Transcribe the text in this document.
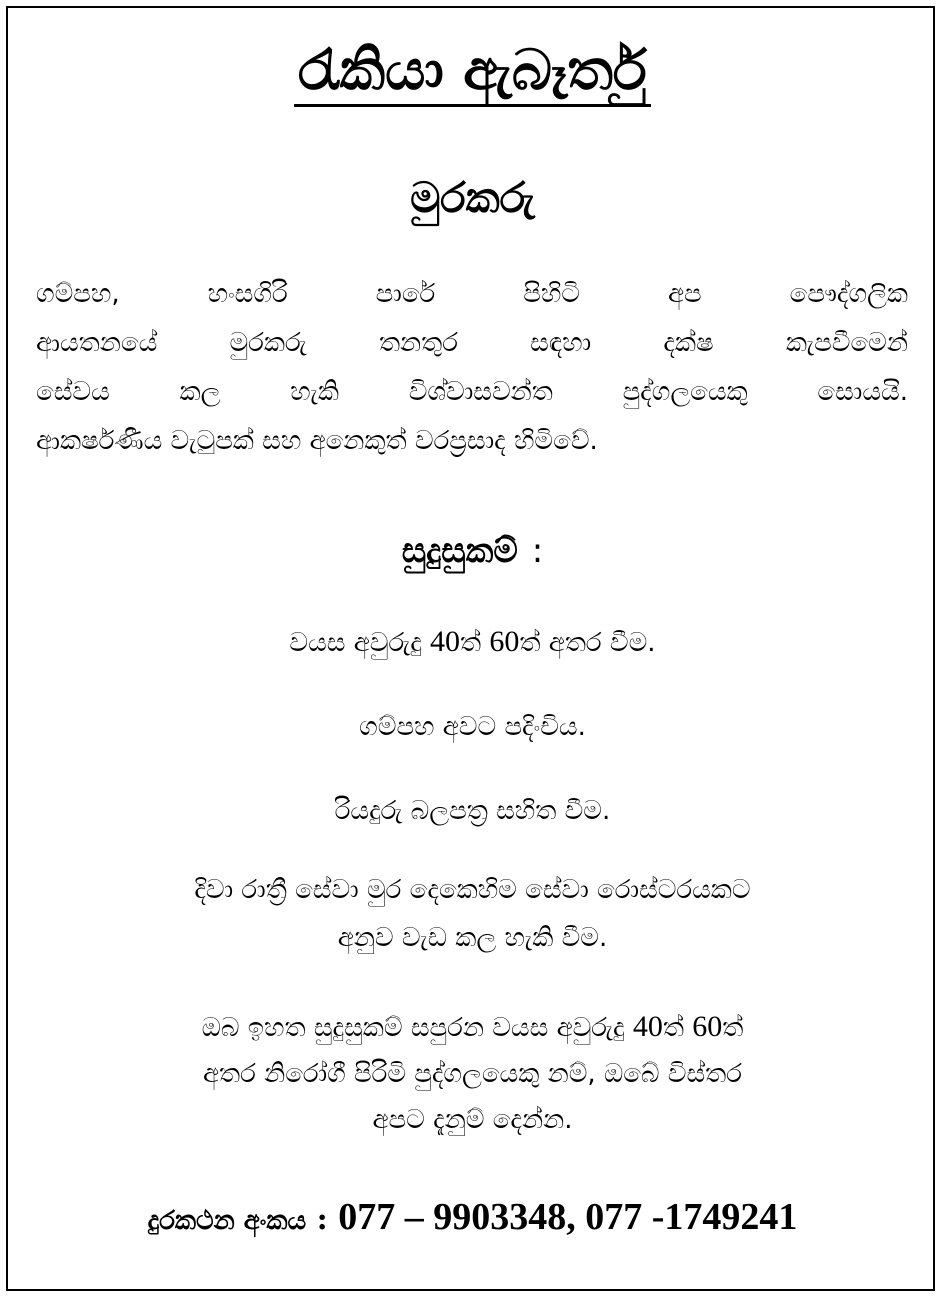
රැකියා ඇබෑර්තු
මුරකරු
ගම්පහ, හංසගිරි පාරේ පිහිටි අප පෞද්ගලික
ආයතනයේ මුරකරු තනතුර සඳහා දක්ෂ කැපවීමෙන්
සේවය කල හැකි විශ්වාසවන්ත පුද්ගලයෙකු සොයයි.
ආකර්ෂණීය වැටුපක් සහ අනෙකුත් වරප්‍රසාද හිමිවේ.
සුදුසුකම් :
වයස අවුරුදු 40ත් 60ත් අතර වීම.
ගම්පහ අවට පදිංචිය.
රියදුරු බලපත්‍ර සහිත වීම.
දිවා රාත්‍රී සේවා මුර දෙකෙහිම සේවා රොස්ටරයකට
අනුව වැඩ කල හැකි වීම.
ඔබ ඉහත සුදුසුකම් සපුරන වයස අවුරුදු 40ත් 60ත්
අතර නිරෝගී පිරිමි පුද්ගලයෙකු නම්, ඔබේ විස්තර
අපට දැනුම් දෙන්න.
දුරකථන අංකය : 077 – 9903348, 077 -1749241
